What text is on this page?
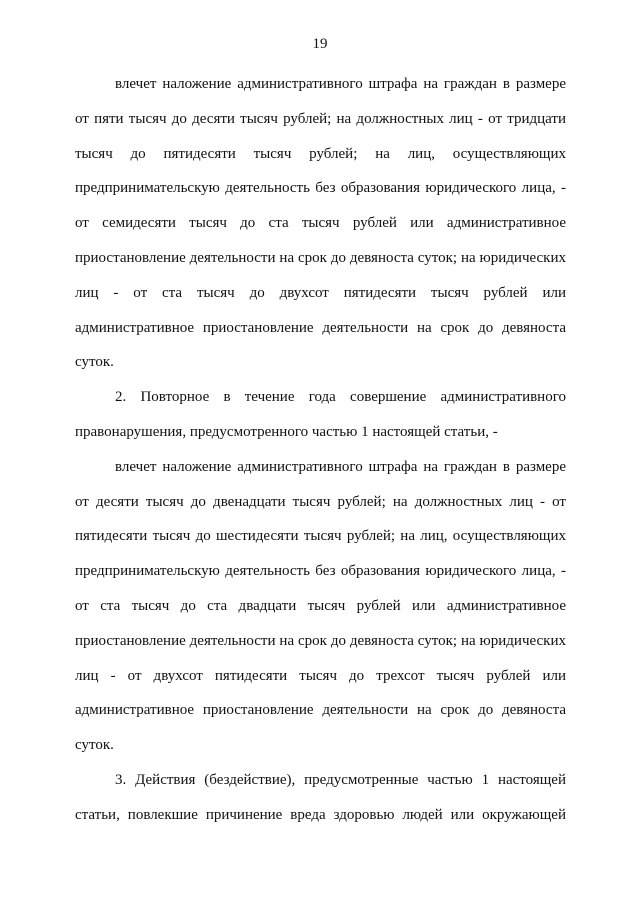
19
влечет наложение административного штрафа на граждан в размере
от пяти тысяч до десяти тысяч рублей; на должностных лиц - от тридцати
тысяч до пятидесяти тысяч рублей; на лиц, осуществляющих
предпринимательскую деятельность без образования юридического лица, -
от семидесяти тысяч до ста тысяч рублей или административное
приостановление деятельности на срок до девяноста суток; на юридических
лиц - от ста тысяч до двухсот пятидесяти тысяч рублей или
административное приостановление деятельности на срок до девяноста
суток.
2. Повторное в течение года совершение административного
правонарушения, предусмотренного частью 1 настоящей статьи, -
влечет наложение административного штрафа на граждан в размере
от десяти тысяч до двенадцати тысяч рублей; на должностных лиц - от
пятидесяти тысяч до шестидесяти тысяч рублей; на лиц, осуществляющих
предпринимательскую деятельность без образования юридического лица, -
от ста тысяч до ста двадцати тысяч рублей или административное
приостановление деятельности на срок до девяноста суток; на юридических
лиц - от двухсот пятидесяти тысяч до трехсот тысяч рублей или
административное приостановление деятельности на срок до девяноста
суток.
3. Действия (бездействие), предусмотренные частью 1 настоящей
статьи, повлекшие причинение вреда здоровью людей или окружающей
